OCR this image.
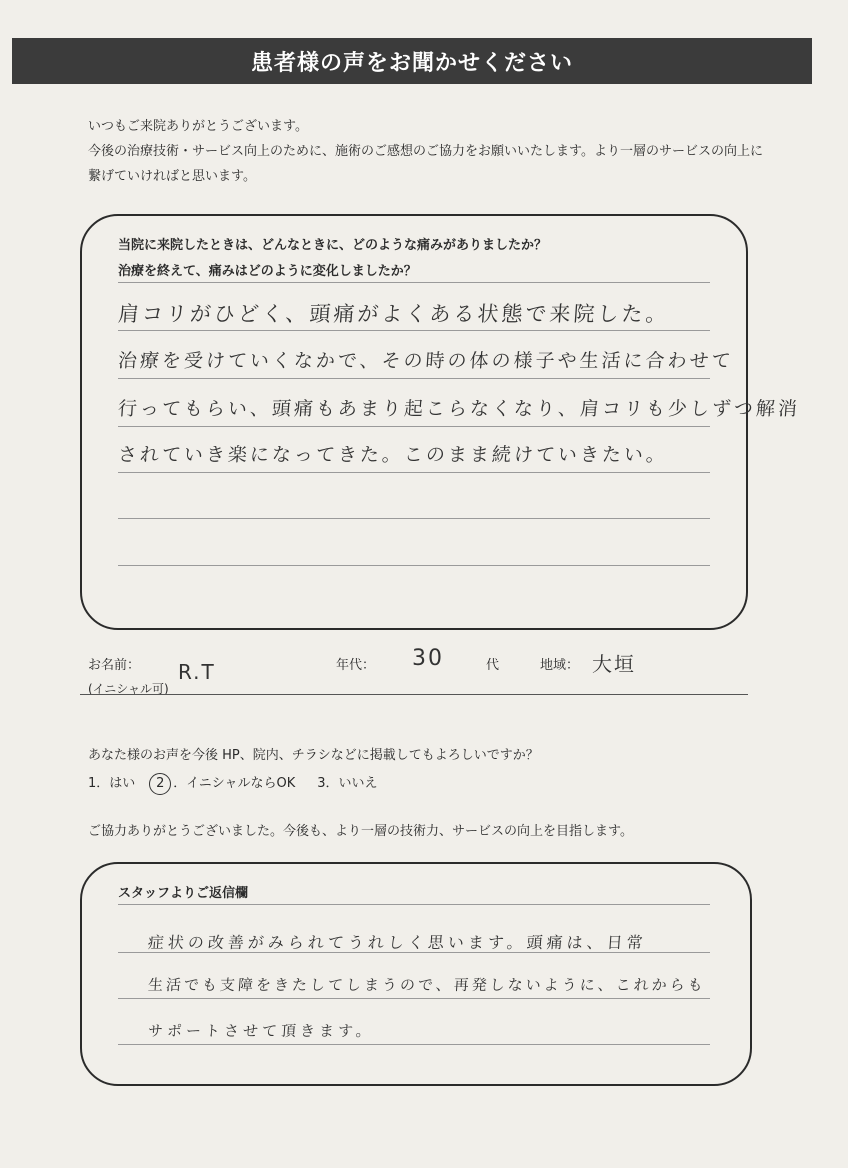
患者様の声をお聞かせください
いつもご来院ありがとうございます。
今後の治療技術・サービス向上のために、施術のご感想のご協力をお願いいたします。より一層のサービスの向上に
繋げていければと思います。
当院に来院したときは、どんなときに、どのような痛みがありましたか？
治療を終えて、痛みはどのように変化しましたか？
肩コリがひどく、頭痛がよくある状態で来院した。
治療を受けていくなかで、その時の体の様子や生活に合わせて
行ってもらい、頭痛もあまり起こらなくなり、肩コリも少しずつ解消
されていき楽になってきた。このまま続けていきたい。
お名前：
(イニシャル可)
R.T	年代： 30	代	地域： 大垣
あなた様のお声を今後 HP、院内、チラシなどに掲載してもよろしいですか？
1．はい	2 ．イニシャルならOK 3．いいえ
ご協力ありがとうございました。今後も、より一層の技術力、サービスの向上を目指します。
スタッフよりご返信欄
症状の改善がみられてうれしく思います。頭痛は、日常
生活でも支障をきたしてしまうので、再発しないように、これからも
サポートさせて頂きます。
